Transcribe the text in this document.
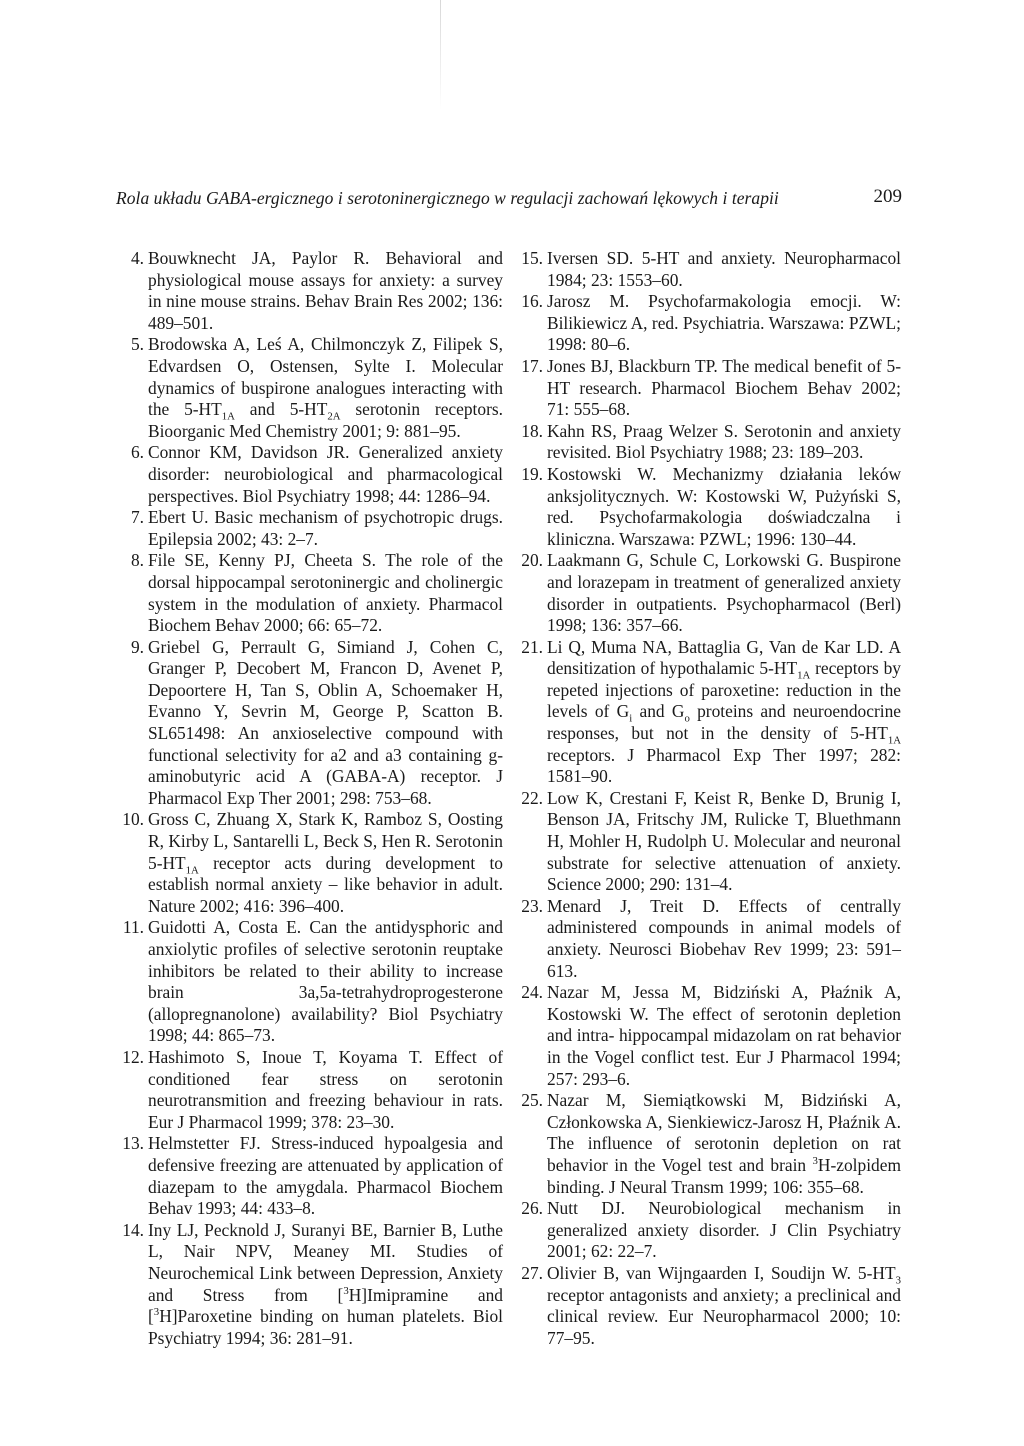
Rola układu GABA-ergicznego i serotoninergicznego w regulacji zachowań lękowych i terapii	209
4. Bouwknecht JA, Paylor R. Behavioral and physiological mouse assays for anxiety: a survey in nine mouse strains. Behav Brain Res 2002; 136: 489–501.
5. Brodowska A, Leś A, Chilmonczyk Z, Filipek S, Edvardsen O, Ostensen, Sylte I. Molecular dynamics of buspirone analogues interacting with the $5-HT_{1A}$ and $5-HT_{2A}$ serotonin receptors. Bioorganic Med Chemistry 2001; 9: 881–95.
6. Connor KM, Davidson JR. Generalized anxiety disorder: neurobiological and pharmacological perspectives. Biol Psychiatry 1998; 44: 1286–94.
7. Ebert U. Basic mechanism of psychotropic drugs. Epilepsia 2002; 43: 2–7.
8. File SE, Kenny PJ, Cheeta S. The role of the dorsal hippocampal serotoninergic and cholinergic system in the modulation of anxiety. Pharmacol Biochem Behav 2000; 66: 65–72.
9. Griebel G, Perrault G, Simiand J, Cohen C, Granger P, Decobert M, Francon D, Avenet P, Depoortere H, Tan S, Oblin A, Schoemaker H, Evanno Y, Sevrin M, George P, Scatton B. SL651498: An anxioselective compound with functional selectivity for a2 and a3 containing g- aminobutyric acid A (GABA-A) receptor. J Pharmacol Exp Ther 2001; 298: 753–68.
10. Gross C, Zhuang X, Stark K, Ramboz S, Oosting R, Kirby L, Santarelli L, Beck S, Hen R. Serotonin $5-HT_{1A}$ receptor acts during development to establish normal anxiety – like behavior in adult. Nature 2002; 416: 396–400.
11. Guidotti A, Costa E. Can the antidysphoric and anxiolytic profiles of selective serotonin reuptake inhibitors be related to their ability to increase brain 3a,5a-tetrahydroprogesterone (allopregnanolone) availability? Biol Psychiatry 1998; 44: 865–73.
12. Hashimoto S, Inoue T, Koyama T. Effect of conditioned fear stress on serotonin neurotransmition and freezing behaviour in rats. Eur J Pharmacol 1999; 378: 23–30.
13. Helmstetter FJ. Stress-induced hypoalgesia and defensive freezing are attenuated by application of diazepam to the amygdala. Pharmacol Biochem Behav 1993; 44: 433–8.
14. Iny LJ, Pecknold J, Suranyi BE, Barnier B, Luthe L, Nair NPV, Meaney MI. Studies of Neurochemical Link between Depression, Anxiety and Stress from [$^3$H]Imipramine and [$^3$H]Paroxetine binding on human platelets. Biol Psychiatry 1994; 36: 281–91.
15. Iversen SD. 5-HT and anxiety. Neuropharmacol 1984; 23: 1553–60.
16. Jarosz M. Psychofarmakologia emocji. W: Bilikiewicz A, red. Psychiatria. Warszawa: PZWL; 1998: 80–6.
17. Jones BJ, Blackburn TP. The medical benefit of 5-HT research. Pharmacol Biochem Behav 2002; 71: 555–68.
18. Kahn RS, Praag Welzer S. Serotonin and anxiety revisited. Biol Psychiatry 1988; 23: 189–203.
19. Kostowski W. Mechanizmy działania leków anksjolitycznych. W: Kostowski W, Pużyński S, red. Psychofarmakologia doświadczalna i kliniczna. Warszawa: PZWL; 1996: 130–44.
20. Laakmann G, Schule C, Lorkowski G. Buspirone and lorazepam in treatment of generalized anxiety disorder in outpatients. Psychopharmacol (Berl) 1998; 136: 357–66.
21. Li Q, Muma NA, Battaglia G, Van de Kar LD. A densitization of hypothalamic $5-HT_{1A}$ receptors by repeted injections of paroxetine: reduction in the levels of $G_i$ and $G_o$ proteins and neuroendocrine responses, but not in the density of $5-HT_{1A}$ receptors. J Pharmacol Exp Ther 1997; 282: 1581–90.
22. Low K, Crestani F, Keist R, Benke D, Brunig I, Benson JA, Fritschy JM, Rulicke T, Bluethmann H, Mohler H, Rudolph U. Molecular and neuronal substrate for selective attenuation of anxiety. Science 2000; 290: 131–4.
23. Menard J, Treit D. Effects of centrally administered compounds in animal models of anxiety. Neurosci Biobehav Rev 1999; 23: 591–613.
24. Nazar M, Jessa M, Bidziński A, Płaźnik A, Kostowski W. The effect of serotonin depletion and intra- hippocampal midazolam on rat behavior in the Vogel conflict test. Eur J Pharmacol 1994; 257: 293–6.
25. Nazar M, Siemiątkowski M, Bidziński A, Członkowska A, Sienkiewicz-Jarosz H, Płaźnik A. The influence of serotonin depletion on rat behavior in the Vogel test and brain $^3$H-zolpidem binding. J Neural Transm 1999; 106: 355–68.
26. Nutt DJ. Neurobiological mechanism in generalized anxiety disorder. J Clin Psychiatry 2001; 62: 22–7.
27. Olivier B, van Wijngaarden I, Soudijn W. $5-HT_3$ receptor antagonists and anxiety; a preclinical and clinical review. Eur Neuropharmacol 2000; 10: 77–95.
